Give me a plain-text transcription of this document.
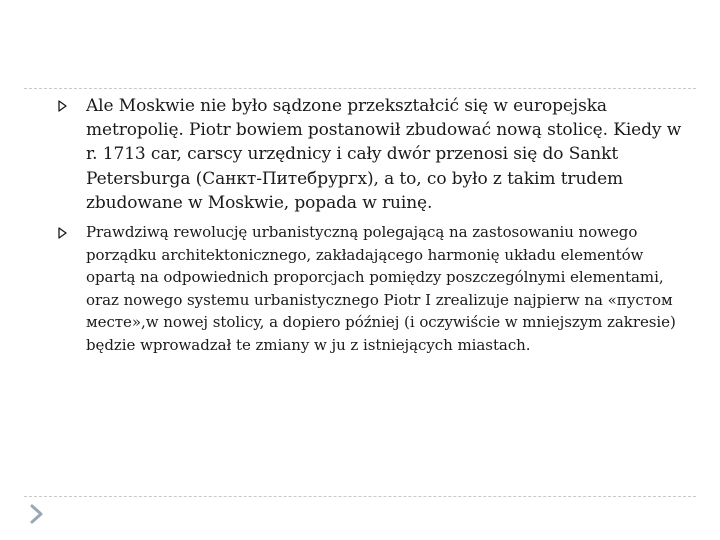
Ale Moskwie nie było sądzone przekształcić się w europejska metropolię. Piotr bowiem postanowił zbudować nową stolicę. Kiedy w r. 1713 car, carscy urzędnicy i cały dwór przenosi się do Sankt Petersburga (Санкт-Питебрургх), a to, co było z takim trudem zbudowane w Moskwie, popada w ruinę.
Prawdziwą rewolucję urbanistyczną polegającą na zastosowaniu nowego porządku architektonicznego, zakładającego harmonię układu elementów opartą na odpowiednich proporcjach pomiędzy poszczególnymi elementami, oraz nowego systemu urbanistycznego Piotr I zrealizuje najpierw na «пустом месте»,w nowej stolicy, a dopiero później (i oczywiście w mniejszym zakresie) będzie wprowadzał te zmiany w ju z istniejących miastach.
